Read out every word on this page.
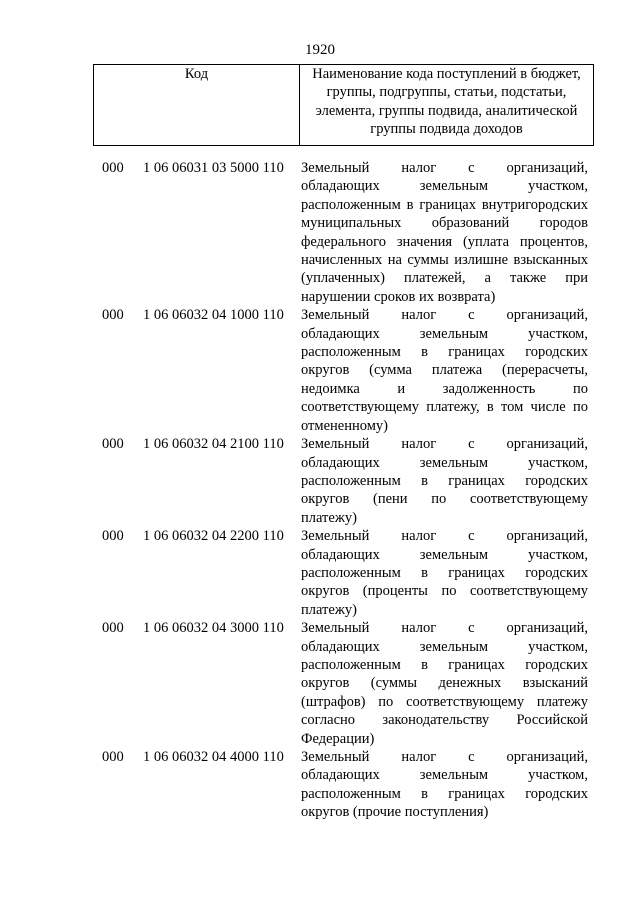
1920
Код	Наименование кода поступлений в бюджет,
группы, подгруппы, статьи, подстатьи,
элемента, группы подвида, аналитической
группы подвида доходов
000 1 06 06031 03 5000 110 Земельный налог с организаций,
обладающих земельным участком,
расположенным в границах внутригородских
муниципальных образований городов
федерального значения (уплата процентов,
начисленных на суммы излишне взысканных
(уплаченных) платежей, а также при
нарушении сроков их возврата)
000 1 06 06032 04 1000 110 Земельный налог с организаций,
обладающих земельным участком,
расположенным в границах городских
округов (сумма платежа (перерасчеты,
недоимка и задолженность по
соответствующему платежу, в том числе по
отмененному)
000 1 06 06032 04 2100 110 Земельный налог с организаций,
обладающих земельным участком,
расположенным в границах городских
округов (пени по соответствующему
платежу)
000 1 06 06032 04 2200 110 Земельный налог с организаций,
обладающих земельным участком,
расположенным в границах городских
округов (проценты по соответствующему
платежу)
000 1 06 06032 04 3000 110 Земельный налог с организаций,
обладающих земельным участком,
расположенным в границах городских
округов (суммы денежных взысканий
(штрафов) по соответствующему платежу
согласно законодательству Российской
Федерации)
000 1 06 06032 04 4000 110 Земельный налог с организаций,
обладающих земельным участком,
расположенным в границах городских
округов (прочие поступления)
